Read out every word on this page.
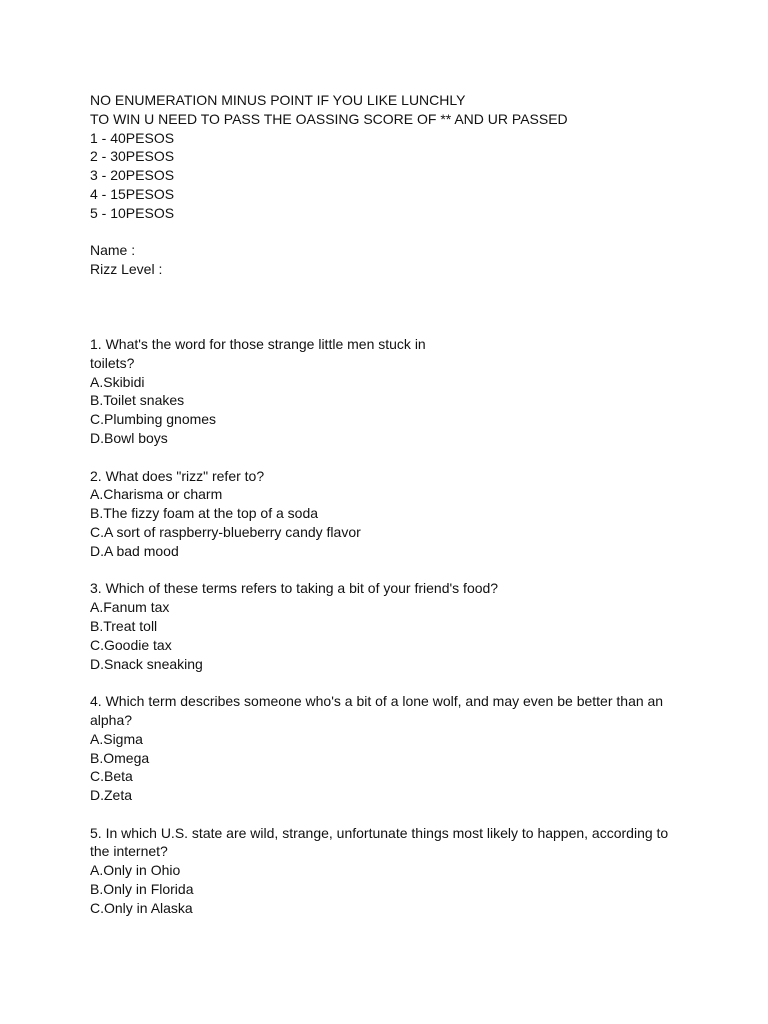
NO ENUMERATION MINUS POINT IF YOU LIKE LUNCHLY
TO WIN U NEED TO PASS THE OASSING SCORE OF ** AND UR PASSED
1 - 40PESOS
2 - 30PESOS
3 - 20PESOS
4 - 15PESOS
5 - 10PESOS
Name :
Rizz Level :
1. What's the word for those strange little men stuck in
toilets?
A.Skibidi
B.Toilet snakes
C.Plumbing gnomes
D.Bowl boys
2. What does "rizz" refer to?
A.Charisma or charm
B.The fizzy foam at the top of a soda
C.A sort of raspberry-blueberry candy flavor
D.A bad mood
3. Which of these terms refers to taking a bit of your friend's food?
A.Fanum tax
B.Treat toll
C.Goodie tax
D.Snack sneaking
4. Which term describes someone who's a bit of a lone wolf, and may even be better than an
alpha?
A.Sigma
B.Omega
C.Beta
D.Zeta
5. In which U.S. state are wild, strange, unfortunate things most likely to happen, according to
the internet?
A.Only in Ohio
B.Only in Florida
C.Only in Alaska
